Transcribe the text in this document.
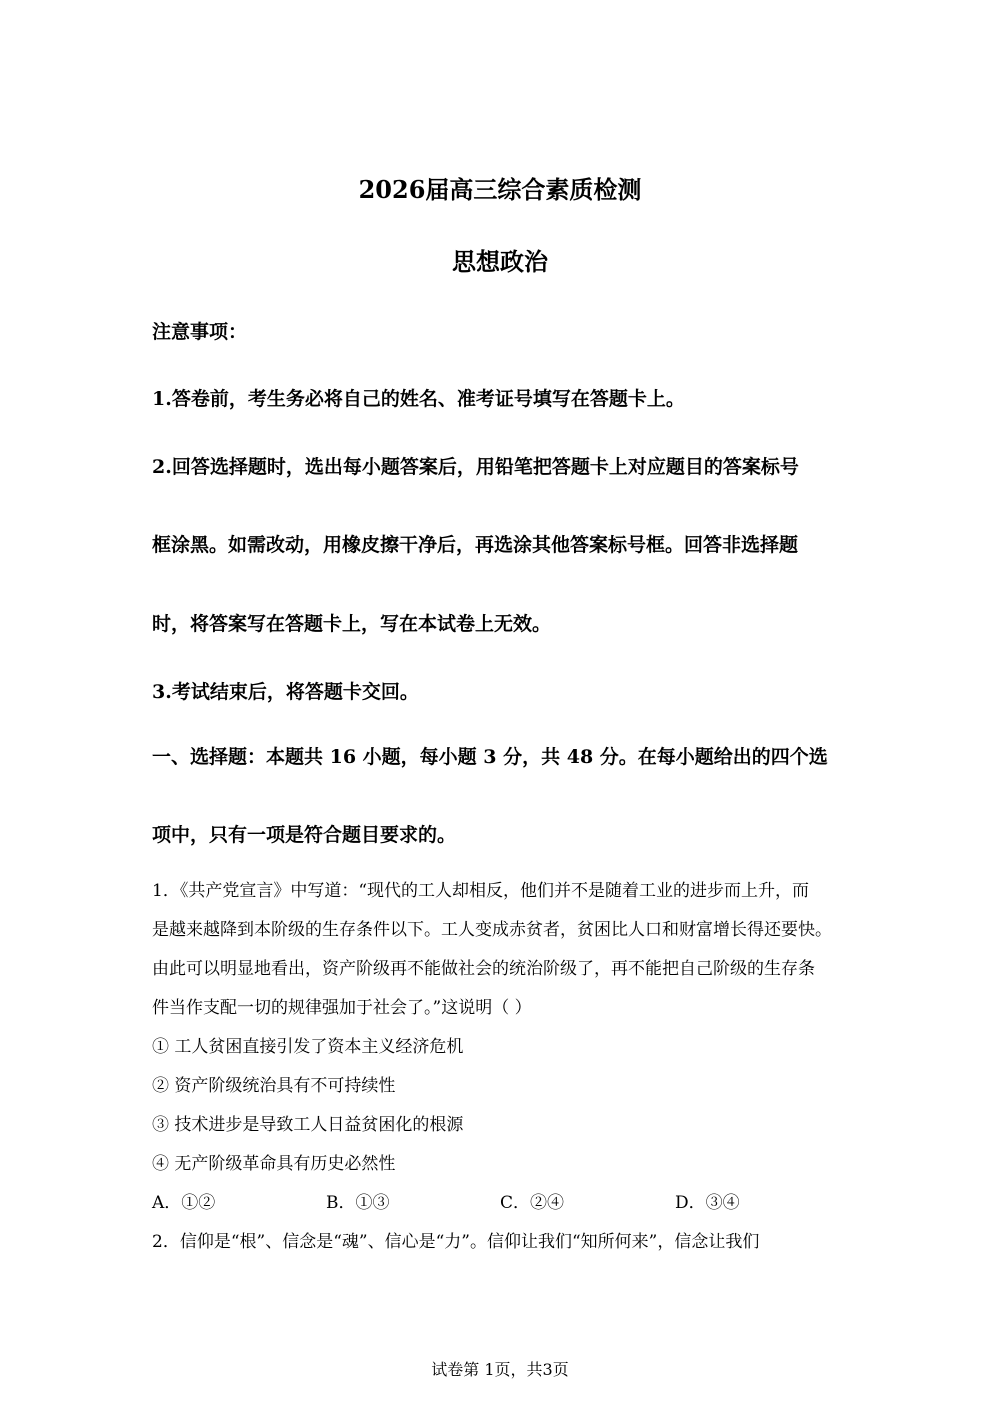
2026届高三综合素质检测
思想政治
注意事项：
1.答卷前，考生务必将自己的姓名、准考证号填写在答题卡上。
2.回答选择题时，选出每小题答案后，用铅笔把答题卡上对应题目的答案标号
框涂黑。如需改动，用橡皮擦干净后，再选涂其他答案标号框。回答非选择题
时，将答案写在答题卡上，写在本试卷上无效。
3.考试结束后，将答题卡交回。
一、选择题：本题共 16 小题，每小题 3 分，共 48 分。在每小题给出的四个选
项中，只有一项是符合题目要求的。
1．《共产党宣言》中写道：“现代的工人却相反，他们并不是随着工业的进步而上升，而
是越来越降到本阶级的生存条件以下。工人变成赤贫者，贫困比人口和财富增长得还要快。
由此可以明显地看出，资产阶级再不能做社会的统治阶级了，再不能把自己阶级的生存条
件当作支配一切的规律强加于社会了。”这说明（ ）
① 工人贫困直接引发了资本主义经济危机
② 资产阶级统治具有不可持续性
③ 技术进步是导致工人日益贫困化的根源
④ 无产阶级革命具有历史必然性
A．①②	B．①③	C．②④	D．③④
2．信仰是“根”、信念是“魂”、信心是“力”。信仰让我们“知所何来”，信念让我们
试卷第 1页，共3页
